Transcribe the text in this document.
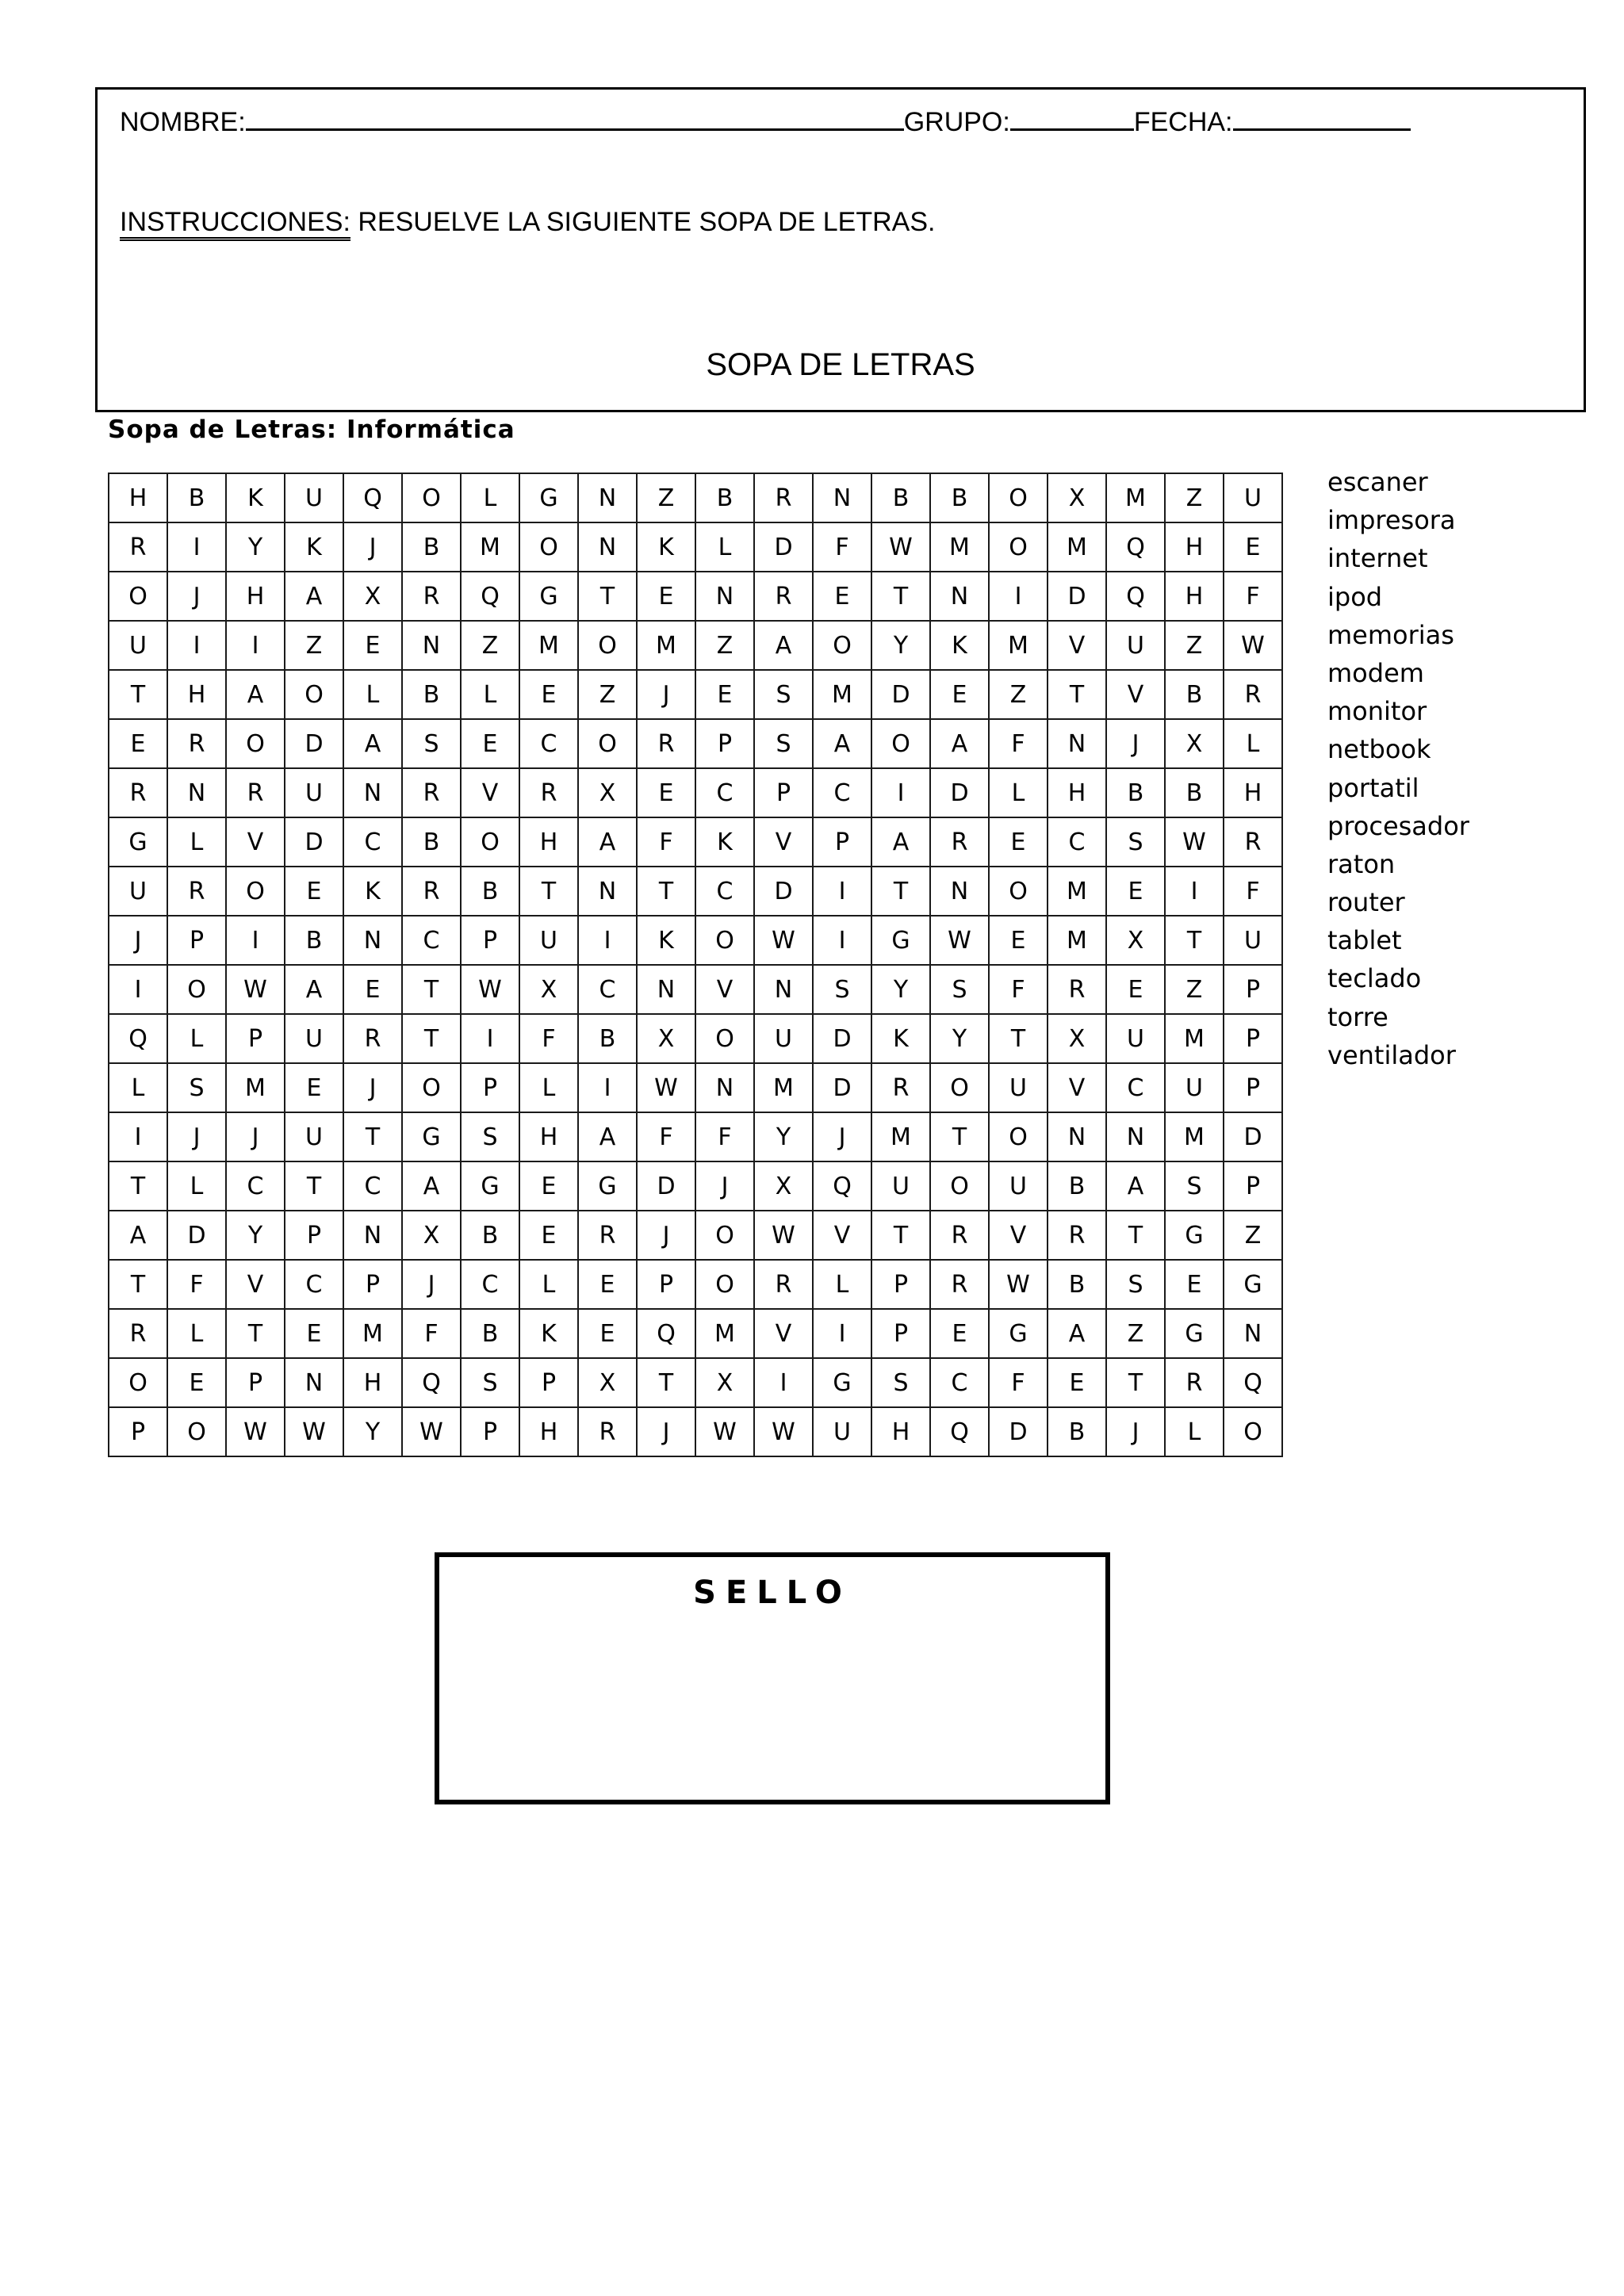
NOMBRE:	GRUPO:	FECHA:
INSTRUCCIONES: RESUELVE LA SIGUIENTE SOPA DE LETRAS.
SOPA DE LETRAS
Sopa de Letras: Informática
H	B	K	U	Q	O	L	G	N	Z	B	R	N	B	B	O	X	M	Z	U
R	I	Y	K	J	B	M	O	N	K	L	D	F	W	M	O	M	Q	H	E
O	J	H	A	X	R	Q	G	T	E	N	R	E	T	N	I	D	Q	H	F
U	I	I	Z	E	N	Z	M	O	M	Z	A	O	Y	K	M	V	U	Z	W
T	H	A	O	L	B	L	E	Z	J	E	S	M	D	E	Z	T	V	B	R
E	R	O	D	A	S	E	C	O	R	P	S	A	O	A	F	N	J	X	L
R	N	R	U	N	R	V	R	X	E	C	P	C	I	D	L	H	B	B	H
G	L	V	D	C	B	O	H	A	F	K	V	P	A	R	E	C	S	W	R
U	R	O	E	K	R	B	T	N	T	C	D	I	T	N	O	M	E	I	F
J	P	I	B	N	C	P	U	I	K	O	W	I	G	W	E	M	X	T	U
I	O	W	A	E	T	W	X	C	N	V	N	S	Y	S	F	R	E	Z	P
Q	L	P	U	R	T	I	F	B	X	O	U	D	K	Y	T	X	U	M	P
L	S	M	E	J	O	P	L	I	W	N	M	D	R	O	U	V	C	U	P
I	J	J	U	T	G	S	H	A	F	F	Y	J	M	T	O	N	N	M	D
T	L	C	T	C	A	G	E	G	D	J	X	Q	U	O	U	B	A	S	P
A	D	Y	P	N	X	B	E	R	J	O	W	V	T	R	V	R	T	G	Z
T	F	V	C	P	J	C	L	E	P	O	R	L	P	R	W	B	S	E	G
R	L	T	E	M	F	B	K	E	Q	M	V	I	P	E	G	A	Z	G	N
O	E	P	N	H	Q	S	P	X	T	X	I	G	S	C	F	E	T	R	Q
P	O	W	W	Y	W	P	H	R	J	W	W	U	H	Q	D	B	J	L	O
escaner
impresora
internet
ipod
memorias
modem
monitor
netbook
portatil
procesador
raton
router
tablet
teclado
torre
ventilador
SELLO
